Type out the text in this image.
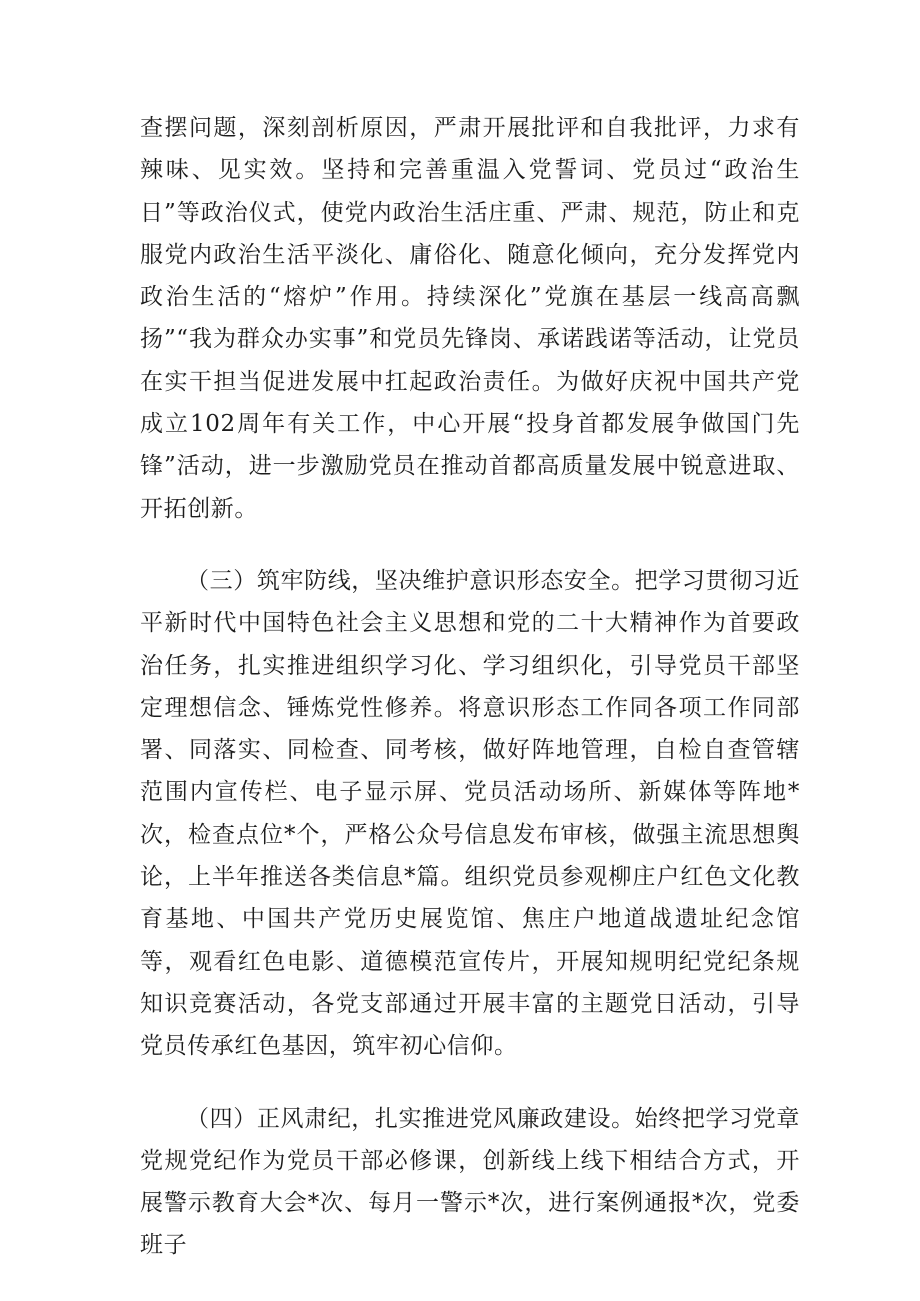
查摆问题，深刻剖析原因，严肃开展批评和自我批评，力求有辣味、见实效。坚持和完善重温入党誓词、党员过“政治生日”等政治仪式，使党内政治生活庄重、严肃、规范，防止和克服党内政治生活平淡化、庸俗化、随意化倾向，充分发挥党内政治生活的“熔炉”作用。持续深化”党旗在基层一线高高飘扬”“我为群众办实事”和党员先锋岗、承诺践诺等活动，让党员在实干担当促进发展中扛起政治责任。为做好庆祝中国共产党成立102周年有关工作，中心开展“投身首都发展争做国门先锋”活动，进一步激励党员在推动首都高质量发展中锐意进取、开拓创新。

（三）筑牢防线，坚决维护意识形态安全。把学习贯彻习近平新时代中国特色社会主义思想和党的二十大精神作为首要政治任务，扎实推进组织学习化、学习组织化，引导党员干部坚定理想信念、锤炼党性修养。将意识形态工作同各项工作同部署、同落实、同检查、同考核，做好阵地管理，自检自查管辖范围内宣传栏、电子显示屏、党员活动场所、新媒体等阵地*次，检查点位*个，严格公众号信息发布审核，做强主流思想舆论，上半年推送各类信息*篇。组织党员参观柳庄户红色文化教育基地、中国共产党历史展览馆、焦庄户地道战遗址纪念馆等，观看红色电影、道德模范宣传片，开展知规明纪党纪条规知识竞赛活动，各党支部通过开展丰富的主题党日活动，引导党员传承红色基因，筑牢初心信仰。

（四）正风肃纪，扎实推进党风廉政建设。始终把学习党章党规党纪作为党员干部必修课，创新线上线下相结合方式，开展警示教育大会*次、每月一警示*次，进行案例通报*次，党委班子
